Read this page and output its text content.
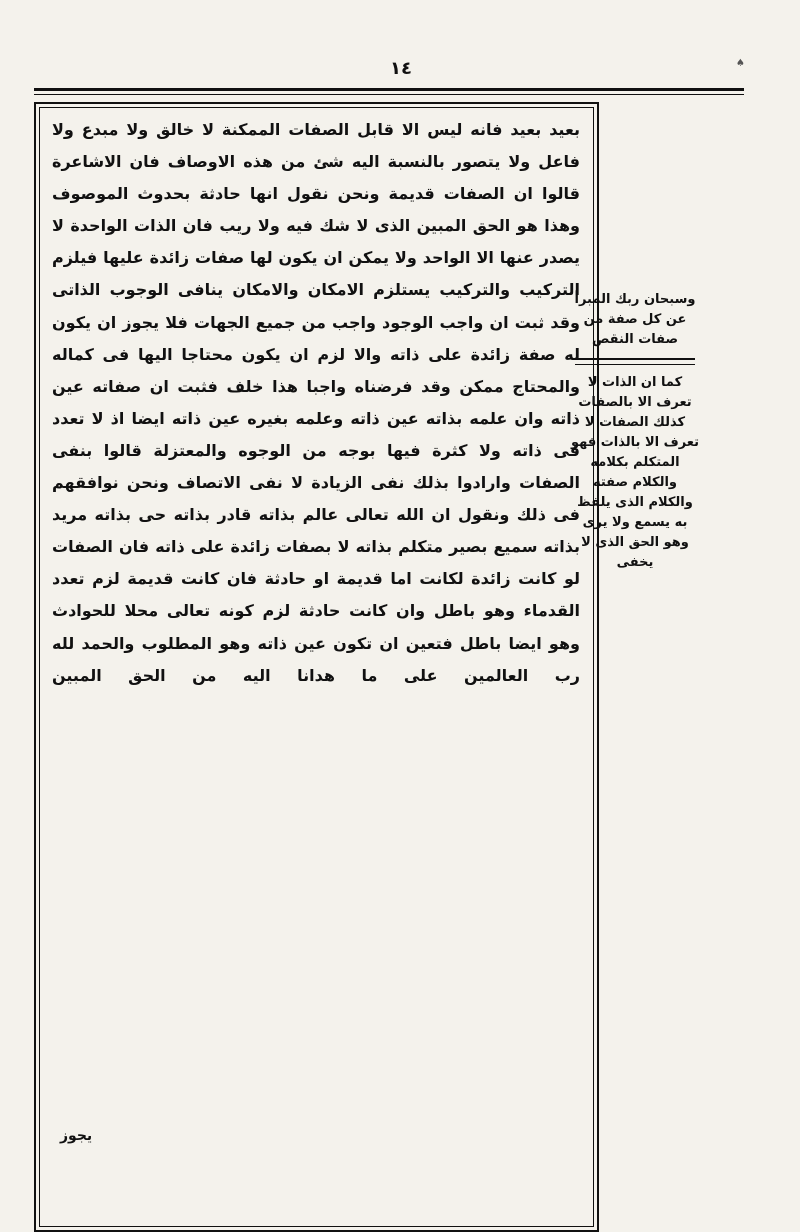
١٤	♠
بعيد بعيد فانه ليس الا قابل الصفات الممكنة لا خالق ولا مبدع ولا فاعل ولا يتصور بالنسبة اليه شئ من هذه الاوصاف فان الاشاعرة قالوا ان الصفات قديمة ونحن نقول انها حادثة بحدوث الموصوف وهذا هو الحق المبين الذى لا شك فيه ولا ريب فان الذات الواحدة لا يصدر عنها الا الواحد ولا يمكن ان يكون لها صفات زائدة عليها فيلزم التركيب والتركيب يستلزم الامكان والامكان ينافى الوجوب الذاتى وقد ثبت ان واجب الوجود واجب من جميع الجهات فلا يجوز ان يكون له صفة زائدة على ذاته والا لزم ان يكون محتاجا اليها فى كماله والمحتاج ممكن وقد فرضناه واجبا هذا خلف فثبت ان صفاته عين ذاته وان علمه بذاته عين ذاته وعلمه بغيره عين ذاته ايضا اذ لا تعدد فى ذاته ولا كثرة فيها بوجه من الوجوه والمعتزلة قالوا بنفى الصفات وارادوا بذلك نفى الزيادة لا نفى الاتصاف ونحن نوافقهم فى ذلك ونقول ان الله تعالى عالم بذاته قادر بذاته حى بذاته مريد بذاته سميع بصير متكلم بذاته لا بصفات زائدة على ذاته فان الصفات لو كانت زائدة لكانت اما قديمة او حادثة فان كانت قديمة لزم تعدد القدماء وهو باطل وان كانت حادثة لزم كونه تعالى محلا للحوادث وهو ايضا باطل فتعين ان تكون عين ذاته وهو المطلوب والحمد لله رب العالمين على ما هدانا اليه من الحق المبين
وسبحان ربك المبرأ عن كل صفة من صفات النقص
كما ان الذات لا تعرف الا بالصفات كذلك الصفات لا تعرف الا بالذات فهو المتكلم بكلامه والكلام صفته والكلام الذى يلفظ به يسمع ولا يرى وهو الحق الذى لا يخفى
يجوز
